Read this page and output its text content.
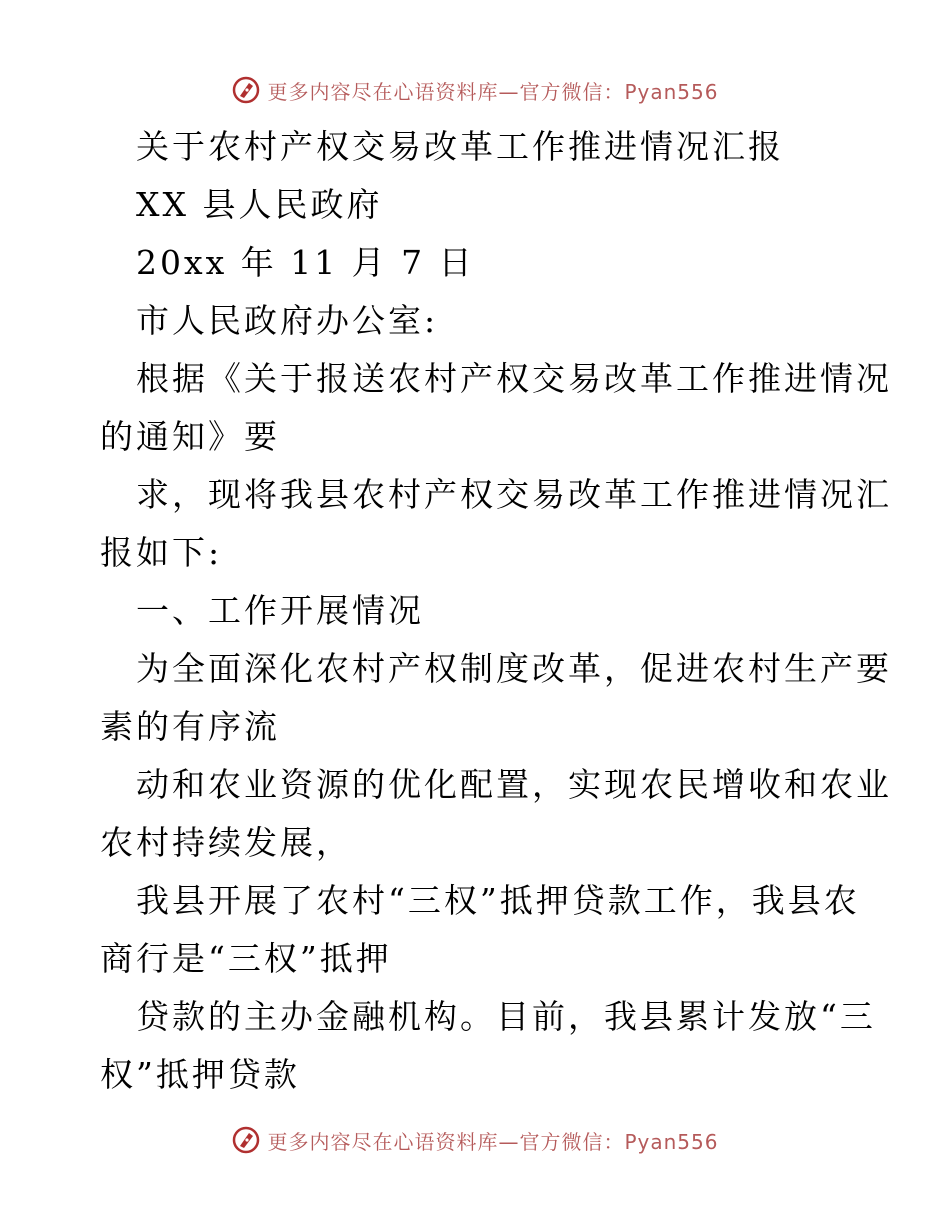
更多内容尽在心语资料库—官方微信：Pyan556
关于农村产权交易改革工作推进情况汇报
XX 县人民政府
20xx 年 11 月 7 日
市人民政府办公室:
根据《关于报送农村产权交易改革工作推进情况
的通知》要
求，现将我县农村产权交易改革工作推进情况汇
报如下:
一、工作开展情况
为全面深化农村产权制度改革，促进农村生产要
素的有序流
动和农业资源的优化配置，实现农民增收和农业
农村持续发展，
我县开展了农村“三权”抵押贷款工作，我县农
商行是“三权”抵押
贷款的主办金融机构。目前，我县累计发放“三
权”抵押贷款
更多内容尽在心语资料库—官方微信：Pyan556
